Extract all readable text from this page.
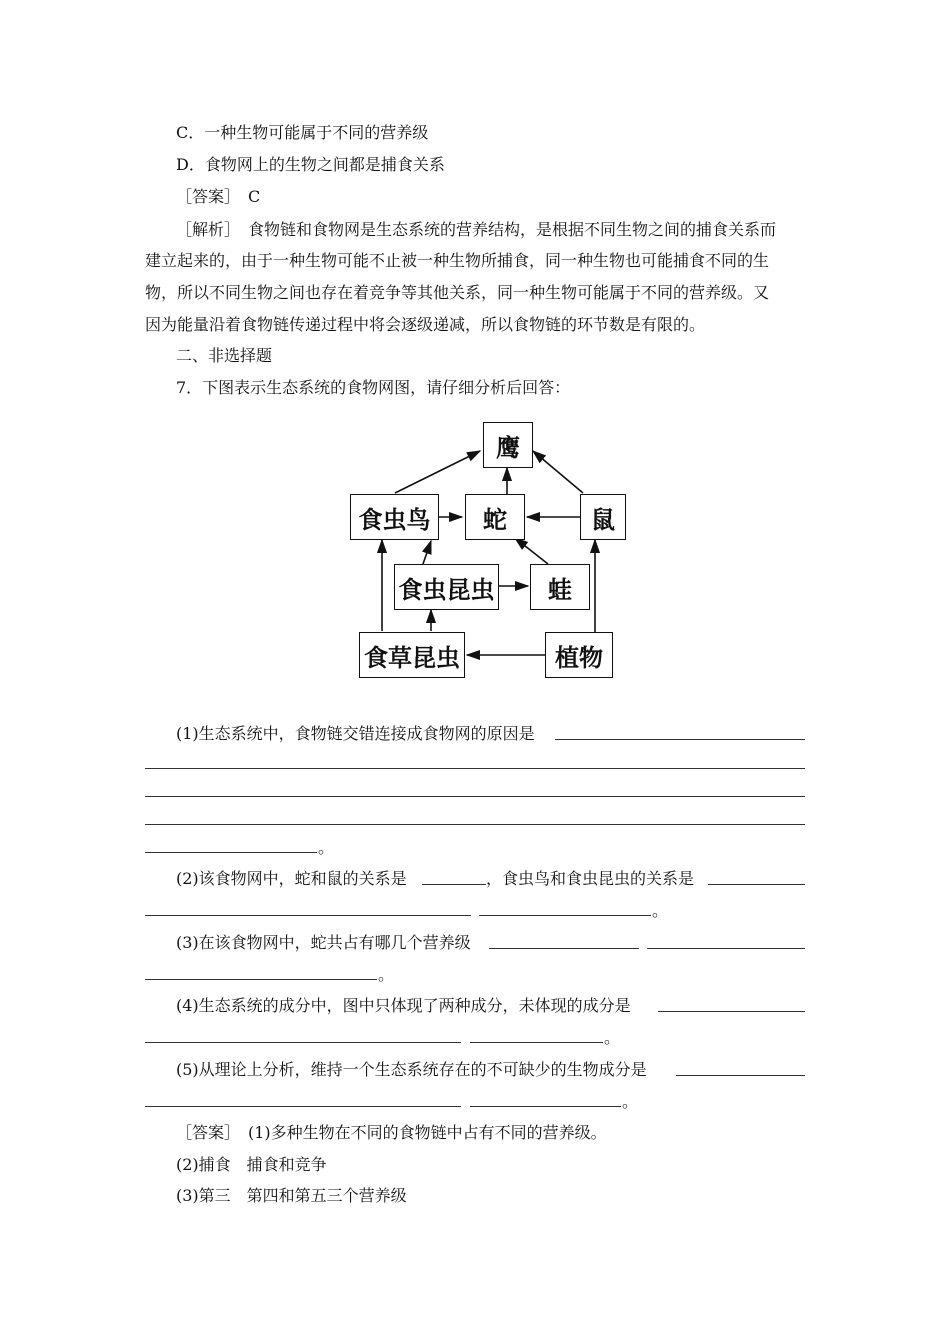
C．一种生物可能属于不同的营养级
D．食物网上的生物之间都是捕食关系
［答案］　C
［解析］　食物链和食物网是生态系统的营养结构，是根据不同生物之间的捕食关系而
建立起来的，由于一种生物可能不止被一种生物所捕食，同一种生物也可能捕食不同的生
物，所以不同生物之间也存在着竞争等其他关系，同一种生物可能属于不同的营养级。又
因为能量沿着食物链传递过程中将会逐级递减，所以食物链的环节数是有限的。
二、非选择题
7．下图表示生态系统的食物网图，请仔细分析后回答：
鹰
食虫鸟	蛇	鼠
食虫昆虫	蛙
食草昆虫	植物
(1)生态系统中，食物链交错连接成食物网的原因是
。
(2)该食物网中，蛇和鼠的关系是	，食虫鸟和食虫昆虫的关系是
。
(3)在该食物网中，蛇共占有哪几个营养级
。
(4)生态系统的成分中，图中只体现了两种成分，未体现的成分是
。
(5)从理论上分析，维持一个生态系统存在的不可缺少的生物成分是
。
［答案］　(1)多种生物在不同的食物链中占有不同的营养级。
(2)捕食　捕食和竞争
(3)第三　第四和第五三个营养级
